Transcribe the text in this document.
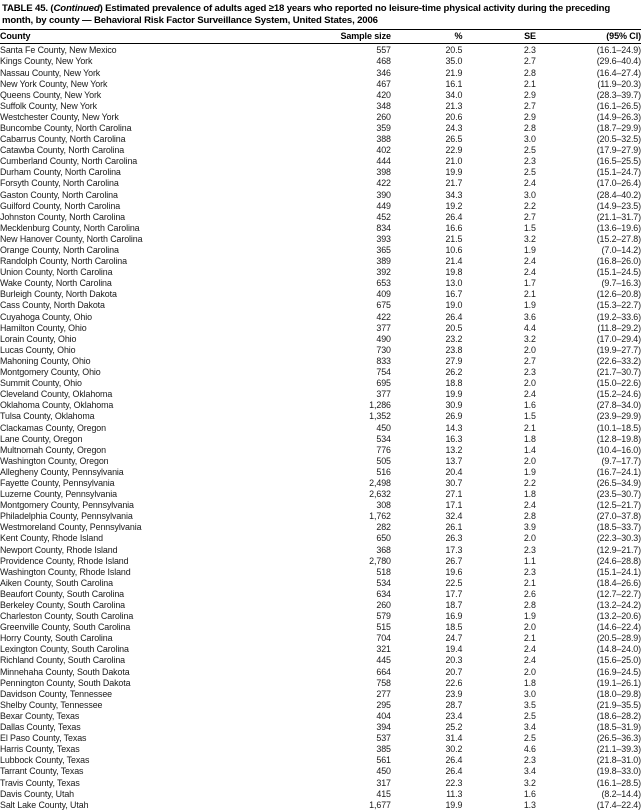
TABLE 45. (Continued) Estimated prevalence of adults aged ≥18 years who reported no leisure-time physical activity during the preceding month, by county — Behavioral Risk Factor Surveillance System, United States, 2006
County	Sample size	%	SE	(95% CI)
Santa Fe County, New Mexico	557	20.5	2.3	(16.1–24.9)
Kings County, New York	468	35.0	2.7	(29.6–40.4)
Nassau County, New York	346	21.9	2.8	(16.4–27.4)
New York County, New York	467	16.1	2.1	(11.9–20.3)
Queens County, New York	420	34.0	2.9	(28.3–39.7)
Suffolk County, New York	348	21.3	2.7	(16.1–26.5)
Westchester County, New York	260	20.6	2.9	(14.9–26.3)
Buncombe County, North Carolina	359	24.3	2.8	(18.7–29.9)
Cabarrus County, North Carolina	388	26.5	3.0	(20.5–32.5)
Catawba County, North Carolina	402	22.9	2.5	(17.9–27.9)
Cumberland County, North Carolina	444	21.0	2.3	(16.5–25.5)
Durham County, North Carolina	398	19.9	2.5	(15.1–24.7)
Forsyth County, North Carolina	422	21.7	2.4	(17.0–26.4)
Gaston County, North Carolina	390	34.3	3.0	(28.4–40.2)
Guilford County, North Carolina	449	19.2	2.2	(14.9–23.5)
Johnston County, North Carolina	452	26.4	2.7	(21.1–31.7)
Mecklenburg County, North Carolina	834	16.6	1.5	(13.6–19.6)
New Hanover County, North Carolina	393	21.5	3.2	(15.2–27.8)
Orange County, North Carolina	365	10.6	1.9	(7.0–14.2)
Randolph County, North Carolina	389	21.4	2.4	(16.8–26.0)
Union County, North Carolina	392	19.8	2.4	(15.1–24.5)
Wake County, North Carolina	653	13.0	1.7	(9.7–16.3)
Burleigh County, North Dakota	409	16.7	2.1	(12.6–20.8)
Cass County, North Dakota	675	19.0	1.9	(15.3–22.7)
Cuyahoga County, Ohio	422	26.4	3.6	(19.2–33.6)
Hamilton County, Ohio	377	20.5	4.4	(11.8–29.2)
Lorain County, Ohio	490	23.2	3.2	(17.0–29.4)
Lucas County, Ohio	730	23.8	2.0	(19.9–27.7)
Mahoning County, Ohio	833	27.9	2.7	(22.6–33.2)
Montgomery County, Ohio	754	26.2	2.3	(21.7–30.7)
Summit County, Ohio	695	18.8	2.0	(15.0–22.6)
Cleveland County, Oklahoma	377	19.9	2.4	(15.2–24.6)
Oklahoma County, Oklahoma	1,286	30.9	1.6	(27.8–34.0)
Tulsa County, Oklahoma	1,352	26.9	1.5	(23.9–29.9)
Clackamas County, Oregon	450	14.3	2.1	(10.1–18.5)
Lane County, Oregon	534	16.3	1.8	(12.8–19.8)
Multnomah County, Oregon	776	13.2	1.4	(10.4–16.0)
Washington County, Oregon	505	13.7	2.0	(9.7–17.7)
Allegheny County, Pennsylvania	516	20.4	1.9	(16.7–24.1)
Fayette County, Pennsylvania	2,498	30.7	2.2	(26.5–34.9)
Luzerne County, Pennsylvania	2,632	27.1	1.8	(23.5–30.7)
Montgomery County, Pennsylvania	308	17.1	2.4	(12.5–21.7)
Philadelphia County, Pennsylvania	1,762	32.4	2.8	(27.0–37.8)
Westmoreland County, Pennsylvania	282	26.1	3.9	(18.5–33.7)
Kent County, Rhode Island	650	26.3	2.0	(22.3–30.3)
Newport County, Rhode Island	368	17.3	2.3	(12.9–21.7)
Providence County, Rhode Island	2,780	26.7	1.1	(24.6–28.8)
Washington County, Rhode Island	518	19.6	2.3	(15.1–24.1)
Aiken County, South Carolina	534	22.5	2.1	(18.4–26.6)
Beaufort County, South Carolina	634	17.7	2.6	(12.7–22.7)
Berkeley County, South Carolina	260	18.7	2.8	(13.2–24.2)
Charleston County, South Carolina	579	16.9	1.9	(13.2–20.6)
Greenville County, South Carolina	515	18.5	2.0	(14.6–22.4)
Horry County, South Carolina	704	24.7	2.1	(20.5–28.9)
Lexington County, South Carolina	321	19.4	2.4	(14.8–24.0)
Richland County, South Carolina	445	20.3	2.4	(15.6–25.0)
Minnehaha County, South Dakota	664	20.7	2.0	(16.9–24.5)
Pennington County, South Dakota	758	22.6	1.8	(19.1–26.1)
Davidson County, Tennessee	277	23.9	3.0	(18.0–29.8)
Shelby County, Tennessee	295	28.7	3.5	(21.9–35.5)
Bexar County, Texas	404	23.4	2.5	(18.6–28.2)
Dallas County, Texas	394	25.2	3.4	(18.5–31.9)
El Paso County, Texas	537	31.4	2.5	(26.5–36.3)
Harris County, Texas	385	30.2	4.6	(21.1–39.3)
Lubbock County, Texas	561	26.4	2.3	(21.8–31.0)
Tarrant County, Texas	450	26.4	3.4	(19.8–33.0)
Travis County, Texas	317	22.3	3.2	(16.1–28.5)
Davis County, Utah	415	11.3	1.6	(8.2–14.4)
Salt Lake County, Utah	1,677	19.9	1.3	(17.4–22.4)
